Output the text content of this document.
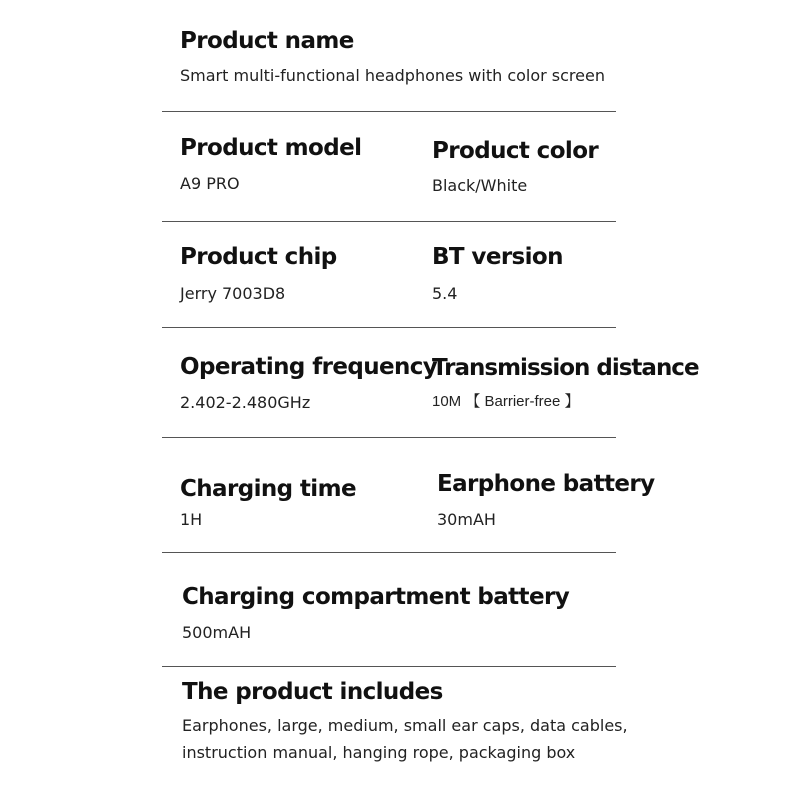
Product name
Smart multi-functional headphones with color screen
Product model
A9 PRO
Product color
Black/White
Product chip
Jerry 7003D8
BT version
5.4
Operating frequency
2.402-2.480GHz
Transmission distance
10M 【 Barrier-free 】
Charging time
1H
Earphone battery
30mAH
Charging compartment battery
500mAH
The product includes
Earphones, large, medium, small ear caps, data cables,
instruction manual, hanging rope, packaging box
